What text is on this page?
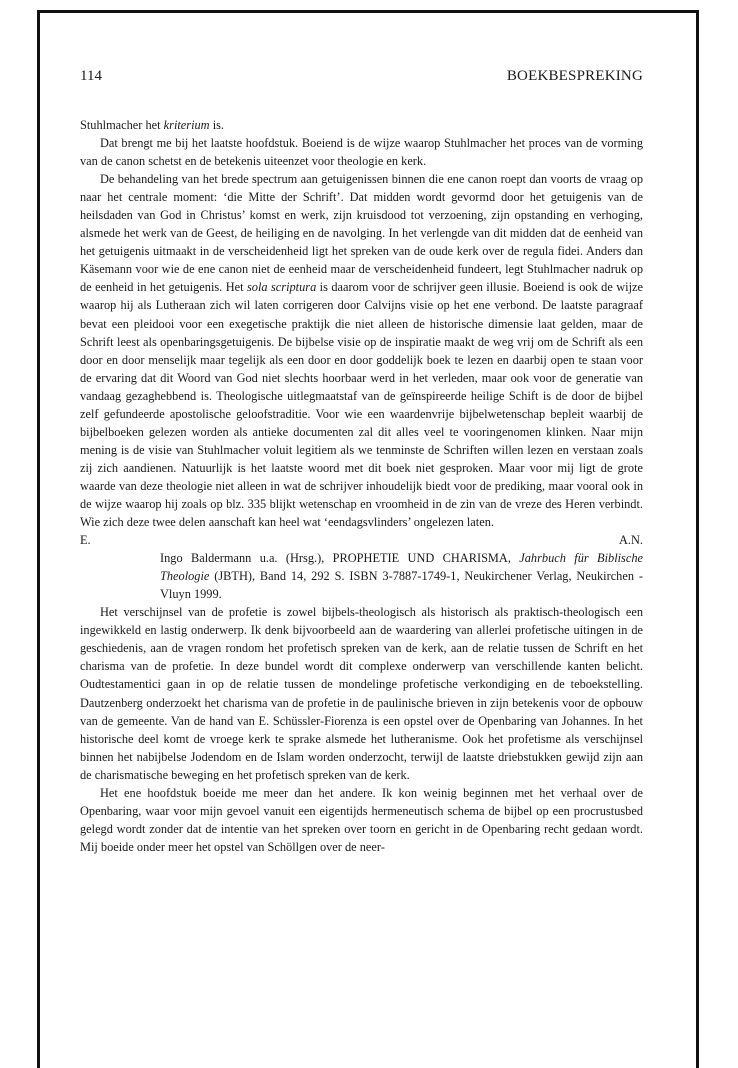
114	BOEKBESPREKING

Stuhlmacher het kriterium is.

Dat brengt me bij het laatste hoofdstuk. Boeiend is de wijze waarop Stuhlmacher het proces van de vorming van de canon schetst en de betekenis uiteenzet voor theologie en kerk.

De behandeling van het brede spectrum aan getuigenissen binnen die ene canon roept dan voorts de vraag op naar het centrale moment: ‘die Mitte der Schrift’. Dat midden wordt gevormd door het getuigenis van de heilsdaden van God in Christus’ komst en werk, zijn kruisdood tot verzoening, zijn opstanding en verhoging, alsmede het werk van de Geest, de heiliging en de navolging. In het verlengde van dit midden dat de eenheid van het getuigenis uitmaakt in de verscheidenheid ligt het spreken van de oude kerk over de regula fidei. Anders dan Käsemann voor wie de ene canon niet de eenheid maar de verscheidenheid fundeert, legt Stuhlmacher nadruk op de eenheid in het getuigenis. Het sola scriptura is daarom voor de schrijver geen illusie. Boeiend is ook de wijze waarop hij als Lutheraan zich wil laten corrigeren door Calvijns visie op het ene verbond. De laatste paragraaf bevat een pleidooi voor een exegetische praktijk die niet alleen de historische dimensie laat gelden, maar de Schrift leest als openbaringsgetuigenis. De bijbelse visie op de inspiratie maakt de weg vrij om de Schrift als een door en door menselijk maar tegelijk als een door en door goddelijk boek te lezen en daarbij open te staan voor de ervaring dat dit Woord van God niet slechts hoorbaar werd in het verleden, maar ook voor de generatie van vandaag gezaghebbend is. Theologische uitlegmaatstaf van de geïnspireerde heilige Schift is de door de bijbel zelf gefundeerde apostolische geloofstraditie. Voor wie een waardenvrije bijbelwetenschap bepleit waarbij de bijbelboeken gelezen worden als antieke documenten zal dit alles veel te vooringenomen klinken. Naar mijn mening is de visie van Stuhlmacher voluit legitiem als we tenminste de Schriften willen lezen en verstaan zoals zij zich aandienen. Natuurlijk is het laatste woord met dit boek niet gesproken. Maar voor mij ligt de grote waarde van deze theologie niet alleen in wat de schrijver inhoudelijk biedt voor de prediking, maar vooral ook in de wijze waarop hij zoals op blz. 335 blijkt wetenschap en vroomheid in de zin van de vreze des Heren verbindt. Wie zich deze twee delen aanschaft kan heel wat ‘eendagsvlinders’ ongelezen laten.

E.	A.N.

Ingo Baldermann u.a. (Hrsg.), PROPHETIE UND CHARISMA, Jahrbuch für Biblische Theologie (JBTH), Band 14, 292 S. ISBN 3-7887-1749-1, Neukirchener Verlag, Neukirchen - Vluyn 1999.

Het verschijnsel van de profetie is zowel bijbels-theologisch als historisch als praktisch-theologisch een ingewikkeld en lastig onderwerp. Ik denk bijvoorbeeld aan de waardering van allerlei profetische uitingen in de geschiedenis, aan de vragen rondom het profetisch spreken van de kerk, aan de relatie tussen de Schrift en het charisma van de profetie. In deze bundel wordt dit complexe onderwerp van verschillende kanten belicht. Oudtestamentici gaan in op de relatie tussen de mondelinge profetische verkondiging en de teboekstelling. Dautzenberg onderzoekt het charisma van de profetie in de paulinische brieven in zijn betekenis voor de opbouw van de gemeente. Van de hand van E. Schüssler-Fiorenza is een opstel over de Openbaring van Johannes. In het historische deel komt de vroege kerk te sprake alsmede het lutheranisme. Ook het profetisme als verschijnsel binnen het nabijbelse Jodendom en de Islam worden onderzocht, terwijl de laatste driebstukken gewijd zijn aan de charismatische beweging en het profetisch spreken van de kerk.

Het ene hoofdstuk boeide me meer dan het andere. Ik kon weinig beginnen met het verhaal over de Openbaring, waar voor mijn gevoel vanuit een eigentijds hermeneutisch schema de bijbel op een procrustusbed gelegd wordt zonder dat de intentie van het spreken over toorn en gericht in de Openbaring recht gedaan wordt. Mij boeide onder meer het opstel van Schöllgen over de neer-
